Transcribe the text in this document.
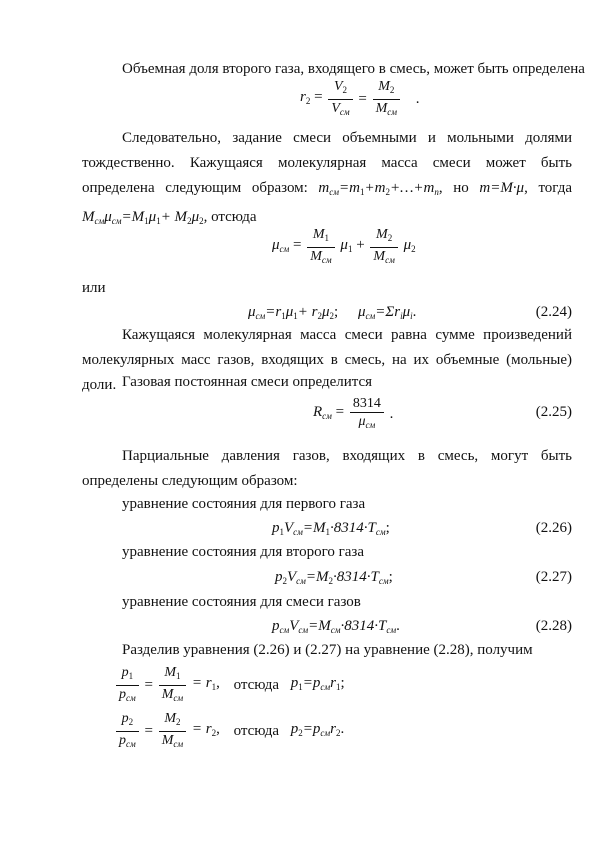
Объемная доля второго газа, входящего в смесь, может быть определена
$r_2 = \frac{V_2}{V_{см}} = \frac{M_2}{M_{см}}$ .
Следовательно, задание смеси объемными и мольными долями тождественно. Кажущаяся молекулярная масса смеси может быть определена следующим образом: $m_{см}=m_1+m_2+\dots+m_n$, но m=M·μ, тогда $M_{см}\mu_{см}=M_1\mu_1+ M_2\mu_2$, отсюда
$\mu_{см} = \frac{M_1}{M_{см}} \mu_1 + \frac{M_2}{M_{см}} \mu_2$
или
$\mu_{см}=r_1\mu_1+ r_2\mu_2$; $\mu_{см}=\Sigma r_i\mu_i$.	(2.24)
Кажущаяся молекулярная масса смеси равна сумме произведений молекулярных масс газов, входящих в смесь, на их объемные (мольные) доли. Газовая постоянная смеси определится
$R_{см} = \frac{8314}{\mu_{см}}$ .	(2.25)
Парциальные давления газов, входящих в смесь, могут быть определены следующим образом:
уравнение состояния для первого газа
$p_1V_{см}=M_1\cdot 8314\cdot T_{см}$;	(2.26)
уравнение состояния для второго газа
$p_2V_{см}=M_2\cdot 8314\cdot T_{см}$;	(2.27)
уравнение состояния для смеси газов
$p_{см}V_{см}=M_{см}\cdot 8314\cdot T_{см}$.	(2.28)
Разделив уравнения (2.26) и (2.27) на уравнение (2.28), получим
$\frac{p_1}{p_{см}} = \frac{M_1}{M_{см}} = r_1$, отсюда $p_1=p_{см}r_1$;
$\frac{p_2}{p_{см}} = \frac{M_2}{M_{см}} = r_2$, отсюда $p_2=p_{см}r_2$.
